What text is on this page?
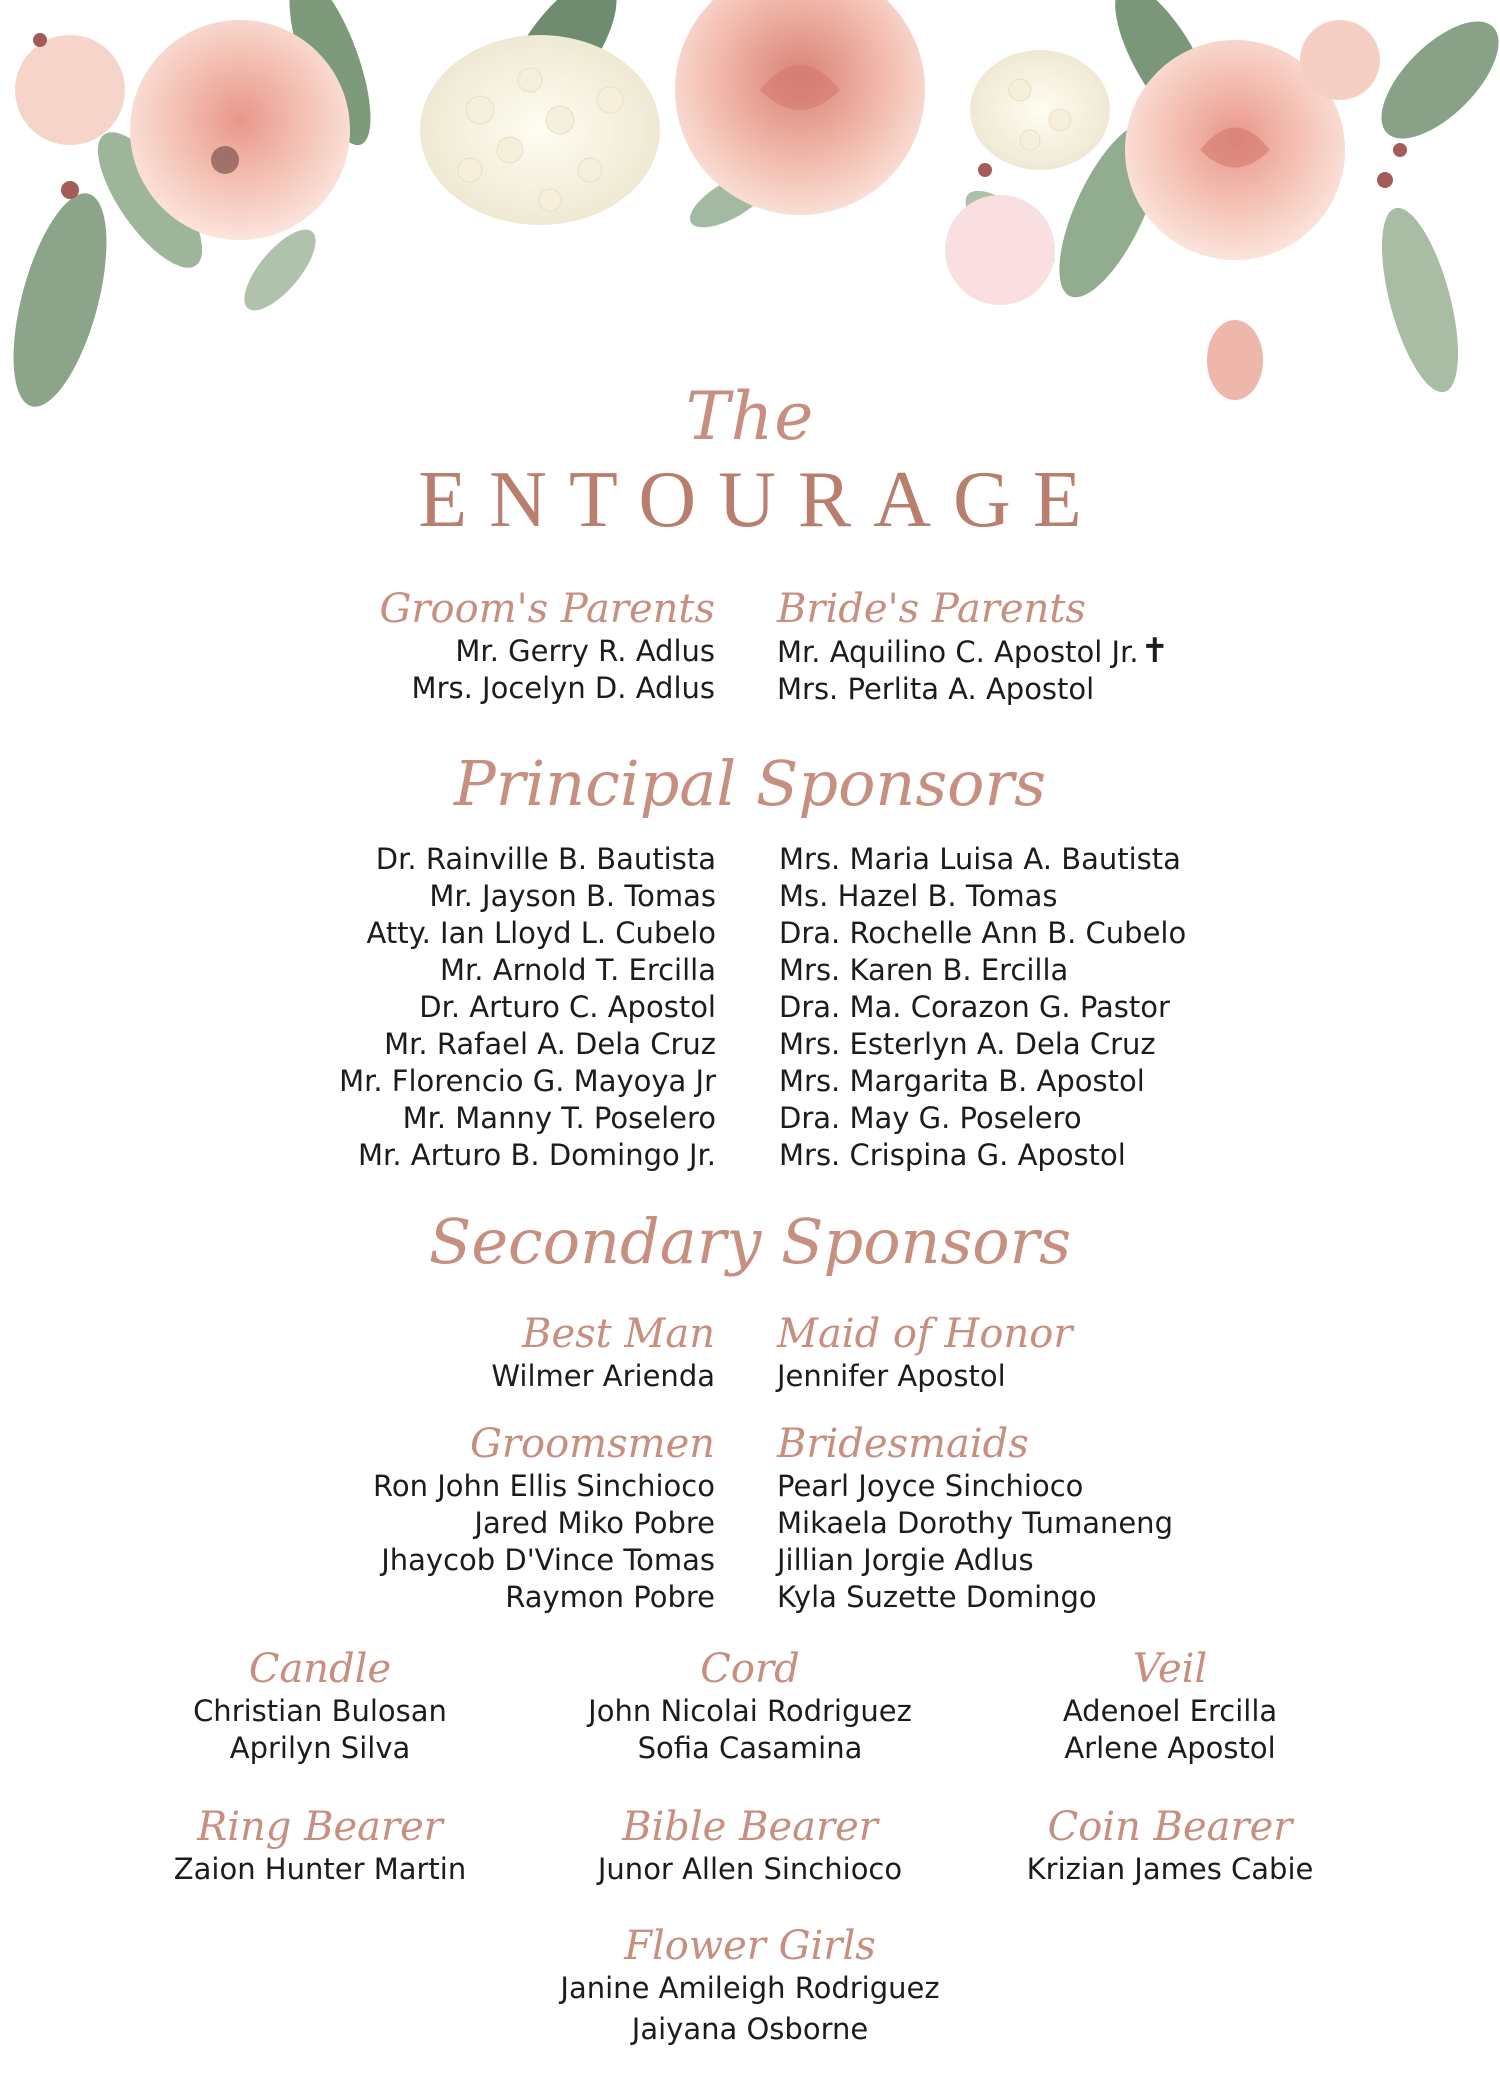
The
ENTOURAGE
Groom's Parents
Mr. Gerry R. Adlus
Mrs. Jocelyn D. Adlus
Bride's Parents
Mr. Aquilino C. Apostol Jr.✝
Mrs. Perlita A. Apostol
Principal Sponsors
Dr. Rainville B. Bautista
Mr. Jayson B. Tomas
Atty. Ian Lloyd L. Cubelo
Mr. Arnold T. Ercilla
Dr. Arturo C. Apostol
Mr. Rafael A. Dela Cruz
Mr. Florencio G. Mayoya Jr
Mr. Manny T. Poselero
Mr. Arturo B. Domingo Jr.
Mrs. Maria Luisa A. Bautista
Ms. Hazel B. Tomas
Dra. Rochelle Ann B. Cubelo
Mrs. Karen B. Ercilla
Dra. Ma. Corazon G. Pastor
Mrs. Esterlyn A. Dela Cruz
Mrs. Margarita B. Apostol
Dra. May G. Poselero
Mrs. Crispina G. Apostol
Secondary Sponsors
Best Man
Wilmer Arienda
Maid of Honor
Jennifer Apostol
Groomsmen
Ron John Ellis Sinchioco
Jared Miko Pobre
Jhaycob D'Vince Tomas
Raymon Pobre
Bridesmaids
Pearl Joyce Sinchioco
Mikaela Dorothy Tumaneng
Jillian Jorgie Adlus
Kyla Suzette Domingo
Candle
Christian Bulosan
Aprilyn Silva
Cord
John Nicolai Rodriguez
Sofia Casamina
Veil
Adenoel Ercilla
Arlene Apostol
Ring Bearer
Zaion Hunter Martin
Bible Bearer
Junor Allen Sinchioco
Coin Bearer
Krizian James Cabie
Flower Girls
Janine Amileigh Rodriguez
Jaiyana Osborne
